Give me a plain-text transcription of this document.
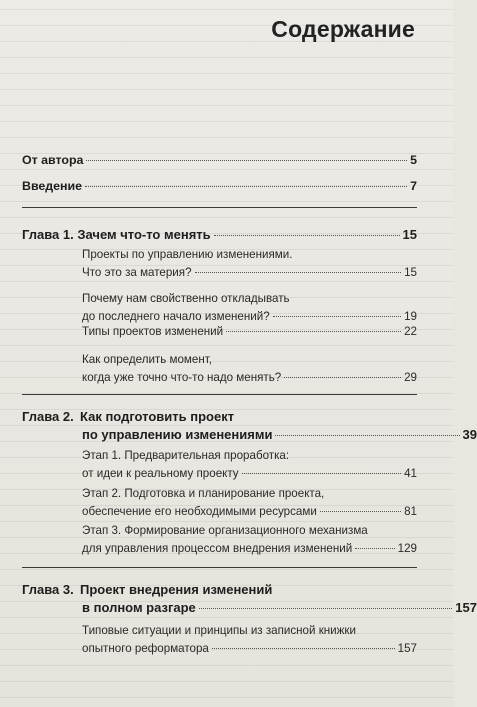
Содержание
От автора	5
Введение	7
Глава 1. Зачем что-то менять	15
Проекты по управлению изменениями.
Что это за материя?	15
Почему нам свойственно откладывать
до последнего начало изменений?	19
Типы проектов изменений	22
Как определить момент,
когда уже точно что-то надо менять?	29
Глава 2. Как подготовить проект
по управлению изменениями	39
Этап 1. Предварительная проработка:
от идеи к реальному проекту	41
Этап 2. Подготовка и планирование проекта,
обеспечение его необходимыми ресурсами	81
Этап 3. Формирование организационного механизма
для управления процессом внедрения изменений	129
Глава 3. Проект внедрения изменений
в полном разгаре	157
Типовые ситуации и принципы из записной книжки
опытного реформатора	157
